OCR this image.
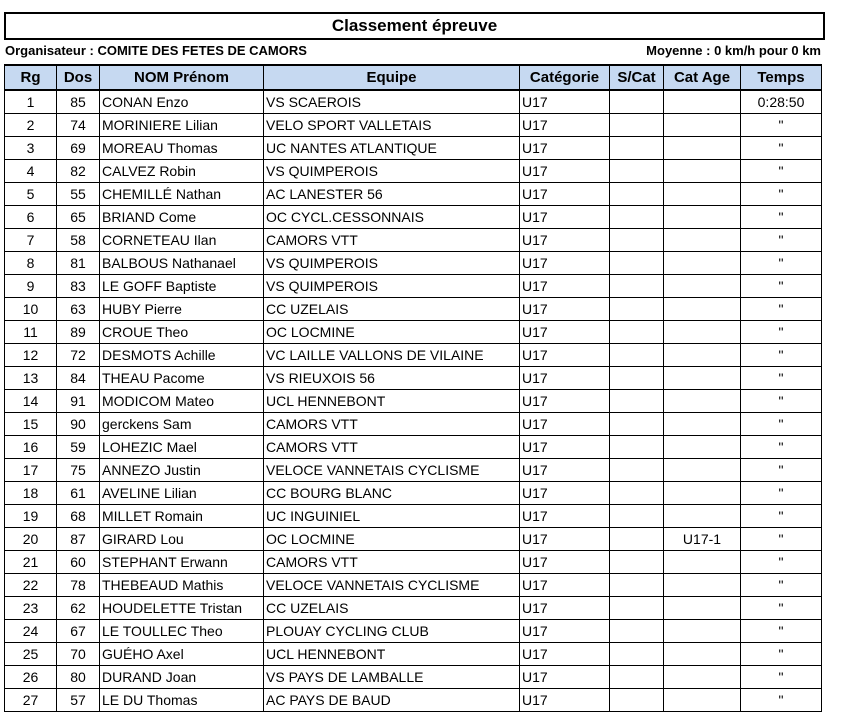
Classement épreuve
Organisateur : COMITE DES FETES DE CAMORS	Moyenne : 0 km/h pour 0 km
Rg	Dos	NOM Prénom	Equipe	Catégorie	S/Cat	Cat Age	Temps
1	85	CONAN Enzo	VS SCAEROIS	U17			0:28:50
2	74	MORINIERE Lilian	VELO SPORT VALLETAIS	U17			"
3	69	MOREAU Thomas	UC NANTES ATLANTIQUE	U17			"
4	82	CALVEZ Robin	VS QUIMPEROIS	U17			"
5	55	CHEMILLÉ Nathan	AC LANESTER 56	U17			"
6	65	BRIAND Come	OC CYCL.CESSONNAIS	U17			"
7	58	CORNETEAU Ilan	CAMORS VTT	U17			"
8	81	BALBOUS Nathanael	VS QUIMPEROIS	U17			"
9	83	LE GOFF Baptiste	VS QUIMPEROIS	U17			"
10	63	HUBY Pierre	CC UZELAIS	U17			"
11	89	CROUE Theo	OC LOCMINE	U17			"
12	72	DESMOTS Achille	VC LAILLE VALLONS DE VILAINE	U17			"
13	84	THEAU Pacome	VS RIEUXOIS 56	U17			"
14	91	MODICOM Mateo	UCL HENNEBONT	U17			"
15	90	gerckens Sam	CAMORS VTT	U17			"
16	59	LOHEZIC Mael	CAMORS VTT	U17			"
17	75	ANNEZO Justin	VELOCE VANNETAIS CYCLISME	U17			"
18	61	AVELINE Lilian	CC BOURG BLANC	U17			"
19	68	MILLET Romain	UC INGUINIEL	U17			"
20	87	GIRARD Lou	OC LOCMINE	U17		U17-1	"
21	60	STEPHANT Erwann	CAMORS VTT	U17			"
22	78	THEBEAUD Mathis	VELOCE VANNETAIS CYCLISME	U17			"
23	62	HOUDELETTE Tristan	CC UZELAIS	U17			"
24	67	LE TOULLEC Theo	PLOUAY CYCLING CLUB	U17			"
25	70	GUÉHO Axel	UCL HENNEBONT	U17			"
26	80	DURAND Joan	VS PAYS DE LAMBALLE	U17			"
27	57	LE DU Thomas	AC PAYS DE BAUD	U17			"
